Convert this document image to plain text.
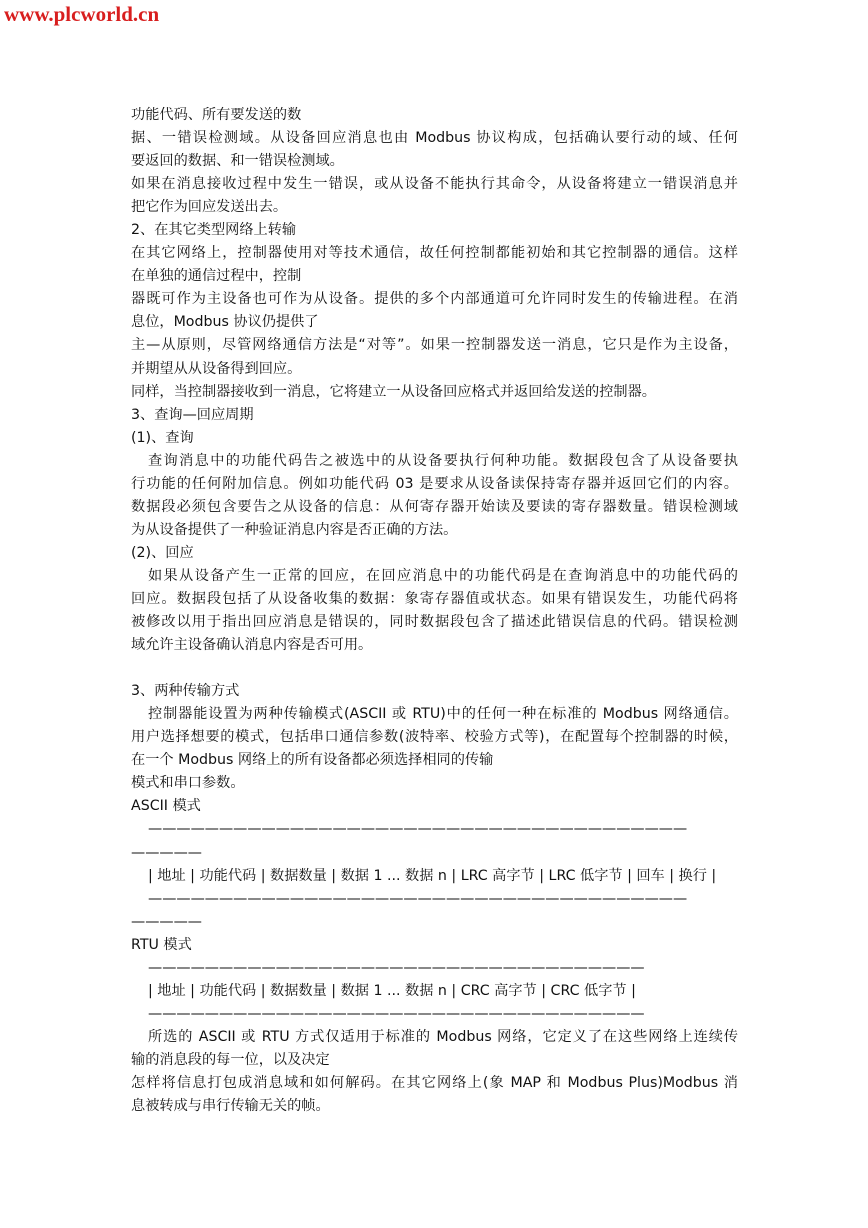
www.plcworld.cn
功能代码、所有要发送的数
据、一错误检测域。从设备回应消息也由 Modbus 协议构成，包括确认要行动的域、任何
要返回的数据、和一错误检测域。
如果在消息接收过程中发生一错误，或从设备不能执行其命令，从设备将建立一错误消息并
把它作为回应发送出去。
2、在其它类型网络上转输
在其它网络上，控制器使用对等技术通信，故任何控制都能初始和其它控制器的通信。这样
在单独的通信过程中，控制
器既可作为主设备也可作为从设备。提供的多个内部通道可允许同时发生的传输进程。在消
息位，Modbus 协议仍提供了
主—从原则，尽管网络通信方法是“对等”。如果一控制器发送一消息，它只是作为主设备，
并期望从从设备得到回应。
同样，当控制器接收到一消息，它将建立一从设备回应格式并返回给发送的控制器。
3、查询—回应周期
(1)、查询
查询消息中的功能代码告之被选中的从设备要执行何种功能。数据段包含了从设备要执
行功能的任何附加信息。例如功能代码 03 是要求从设备读保持寄存器并返回它们的内容。
数据段必须包含要告之从设备的信息：从何寄存器开始读及要读的寄存器数量。错误检测域
为从设备提供了一种验证消息内容是否正确的方法。
(2)、回应
如果从设备产生一正常的回应，在回应消息中的功能代码是在查询消息中的功能代码的
回应。数据段包括了从设备收集的数据：象寄存器值或状态。如果有错误发生，功能代码将
被修改以用于指出回应消息是错误的，同时数据段包含了描述此错误信息的代码。错误检测
域允许主设备确认消息内容是否可用。
3、两种传输方式
控制器能设置为两种传输模式(ASCII 或 RTU)中的任何一种在标准的 Modbus 网络通信。
用户选择想要的模式，包括串口通信参数(波特率、校验方式等)，在配置每个控制器的时候，
在一个 Modbus 网络上的所有设备都必须选择相同的传输
模式和串口参数。
ASCII 模式
——————————————————————————————————————
—————
| 地址 | 功能代码 | 数据数量 | 数据 1 ... 数据 n | LRC 高字节 | LRC 低字节 | 回车 | 换行 |
——————————————————————————————————————
—————
RTU 模式
———————————————————————————————————
| 地址 | 功能代码 | 数据数量 | 数据 1 ... 数据 n | CRC 高字节 | CRC 低字节 |
———————————————————————————————————
所选的 ASCII 或 RTU 方式仅适用于标准的 Modbus 网络，它定义了在这些网络上连续传
输的消息段的每一位，以及决定
怎样将信息打包成消息域和如何解码。在其它网络上(象 MAP 和 Modbus Plus)Modbus 消
息被转成与串行传输无关的帧。
